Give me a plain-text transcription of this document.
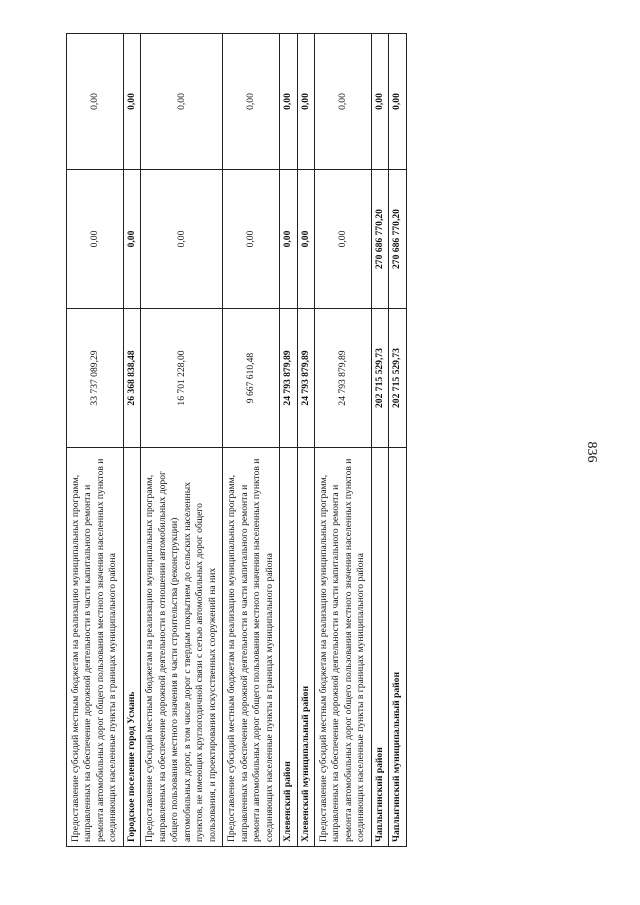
836
Предоставление субсидий местным бюджетам на реализацию муниципальных программ, направленных на обеспечение дорожной деятельности в части капитального ремонта и ремонта автомобильных дорог общего пользования местного значения населенных пунктов и соединяющих населенные пункты в границах муниципального района	33 737 089,29	0,00	0,00
Городское поселение город Усмань	26 368 838,48	0,00	0,00
Предоставление субсидий местным бюджетам на реализацию муниципальных программ, направленных на обеспечение дорожной деятельности в отношении автомобильных дорог общего пользования местного значения в части строительства (реконструкции) автомобильных дорог, в том числе дорог с твердым покрытием до сельских населенных пунктов, не имеющих круглогодичной связи с сетью автомобильных дорог общего пользования, и проектирования искусственных сооружений на них	16 701 228,00	0,00	0,00
Предоставление субсидий местным бюджетам на реализацию муниципальных программ, направленных на обеспечение дорожной деятельности в части капитального ремонта и ремонта автомобильных дорог общего пользования местного значения населенных пунктов и соединяющих населенные пункты в границах муниципального района	9 667 610,48	0,00	0,00
Хлевенский район	24 793 879,89	0,00	0,00
Хлевенский муниципальный район	24 793 879,89	0,00	0,00
Предоставление субсидий местным бюджетам на реализацию муниципальных программ, направленных на обеспечение дорожной деятельности в части капитального ремонта и ремонта автомобильных дорог общего пользования местного значения населенных пунктов и соединяющих населенные пункты в границах муниципального района	24 793 879,89	0,00	0,00
Чаплыгинский район	202 715 529,73	270 686 770,20	0,00
Чаплыгинский муниципальный район	202 715 529,73	270 686 770,20	0,00
